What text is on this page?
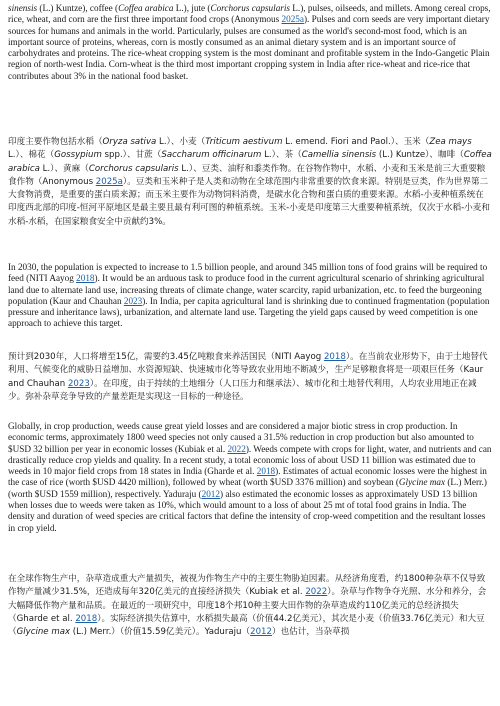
sinensis (L.) Kuntze), coffee (Coffea arabica L.), jute (Corchorus capsularis L.), pulses, oilseeds, and millets. Among cereal crops, rice, wheat, and corn are the first three important food crops (Anonymous 2025a). Pulses and corn seeds are very important dietary sources for humans and animals in the world. Particularly, pulses are consumed as the world's second-most food, which is an important source of proteins, whereas, corn is mostly consumed as an animal dietary system and is an important source of carbohydrates and proteins. The rice-wheat cropping system is the most dominant and profitable system in the Indo-Gangetic Plain region of north-west India. Corn-wheat is the third most important cropping system in India after rice-wheat and rice-rice that contributes about 3% in the national food basket.
印度主要作物包括水稻（Oryza sativa L.）、小麦（Triticum aestivum L. emend. Fiori and Paol.）、玉米（Zea mays L.）、棉花（Gossypium spp.）、甘蔗（Saccharum officinarum L.）、茶（Camellia sinensis (L.) Kuntze）、咖啡（Coffea arabica L.）、黄麻（Corchorus capsularis L.）、豆类、油籽和黍类作物。在谷物作物中，水稻、小麦和玉米是前三大重要粮食作物（Anonymous 2025a）。豆类和玉米种子是人类和动物在全球范围内非常重要的饮食来源。特别是豆类，作为世界第二大食物消费，是重要的蛋白质来源；而玉米主要作为动物饲料消费，是碳水化合物和蛋白质的重要来源。水稻-小麦种植系统在印度西北部的印度-恒河平原地区是最主要且最有利可图的种植系统。玉米-小麦是印度第三大重要种植系统，仅次于水稻-小麦和水稻-水稻，在国家粮食安全中贡献约3%。
In 2030, the population is expected to increase to 1.5 billion people, and around 345 million tons of food grains will be required to feed (NITI Aayog 2018). It would be an arduous task to produce food in the current agricultural scenario of shrinking agricultural land due to alternate land use, increasing threats of climate change, water scarcity, rapid urbanization, etc. to feed the burgeoning population (Kaur and Chauhan 2023). In India, per capita agricultural land is shrinking due to continued fragmentation (population pressure and inheritance laws), urbanization, and alternate land use. Targeting the yield gaps caused by weed competition is one approach to achieve this target.
预计到2030年，人口将增至15亿，需要约3.45亿吨粮食来养活国民（NITI Aayog 2018）。在当前农业形势下，由于土地替代利用、气候变化的威胁日益增加、水资源短缺、快速城市化等导致农业用地不断减少，生产足够粮食将是一项艰巨任务（Kaur and Chauhan 2023）。在印度，由于持续的土地细分（人口压力和继承法）、城市化和土地替代利用，人均农业用地正在减少。弥补杂草竞争导致的产量差距是实现这一目标的一种途径。
Globally, in crop production, weeds cause great yield losses and are considered a major biotic stress in crop production. In economic terms, approximately 1800 weed species not only caused a 31.5% reduction in crop production but also amounted to $USD 32 billion per year in economic losses (Kubiak et al. 2022). Weeds compete with crops for light, water, and nutrients and can drastically reduce crop yields and quality. In a recent study, a total economic loss of about USD 11 billion was estimated due to weeds in 10 major field crops from 18 states in India (Gharde et al. 2018). Estimates of actual economic losses were the highest in the case of rice (worth $USD 4420 million), followed by wheat (worth $USD 3376 million) and soybean (Glycine max (L.) Merr.) (worth $USD 1559 million), respectively. Yaduraju (2012) also estimated the economic losses as approximately USD 13 billion when losses due to weeds were taken as 10%, which would amount to a loss of about 25 mt of total food grains in India. The density and duration of weed species are critical factors that define the intensity of crop-weed competition and the resultant losses in crop yield.
在全球作物生产中，杂草造成重大产量损失，被视为作物生产中的主要生物胁迫因素。从经济角度看，约1800种杂草不仅导致作物产量减少31.5%，还造成每年320亿美元的直接经济损失（Kubiak et al. 2022）。杂草与作物争夺光照、水分和养分，会大幅降低作物产量和品质。在最近的一项研究中，印度18个邦10种主要大田作物的杂草造成约110亿美元的总经济损失（Gharde et al. 2018）。实际经济损失估算中，水稻损失最高（价值44.2亿美元），其次是小麦（价值33.76亿美元）和大豆（Glycine max (L.) Merr.）（价值15.59亿美元）。Yaduraju（2012）也估计，当杂草损
